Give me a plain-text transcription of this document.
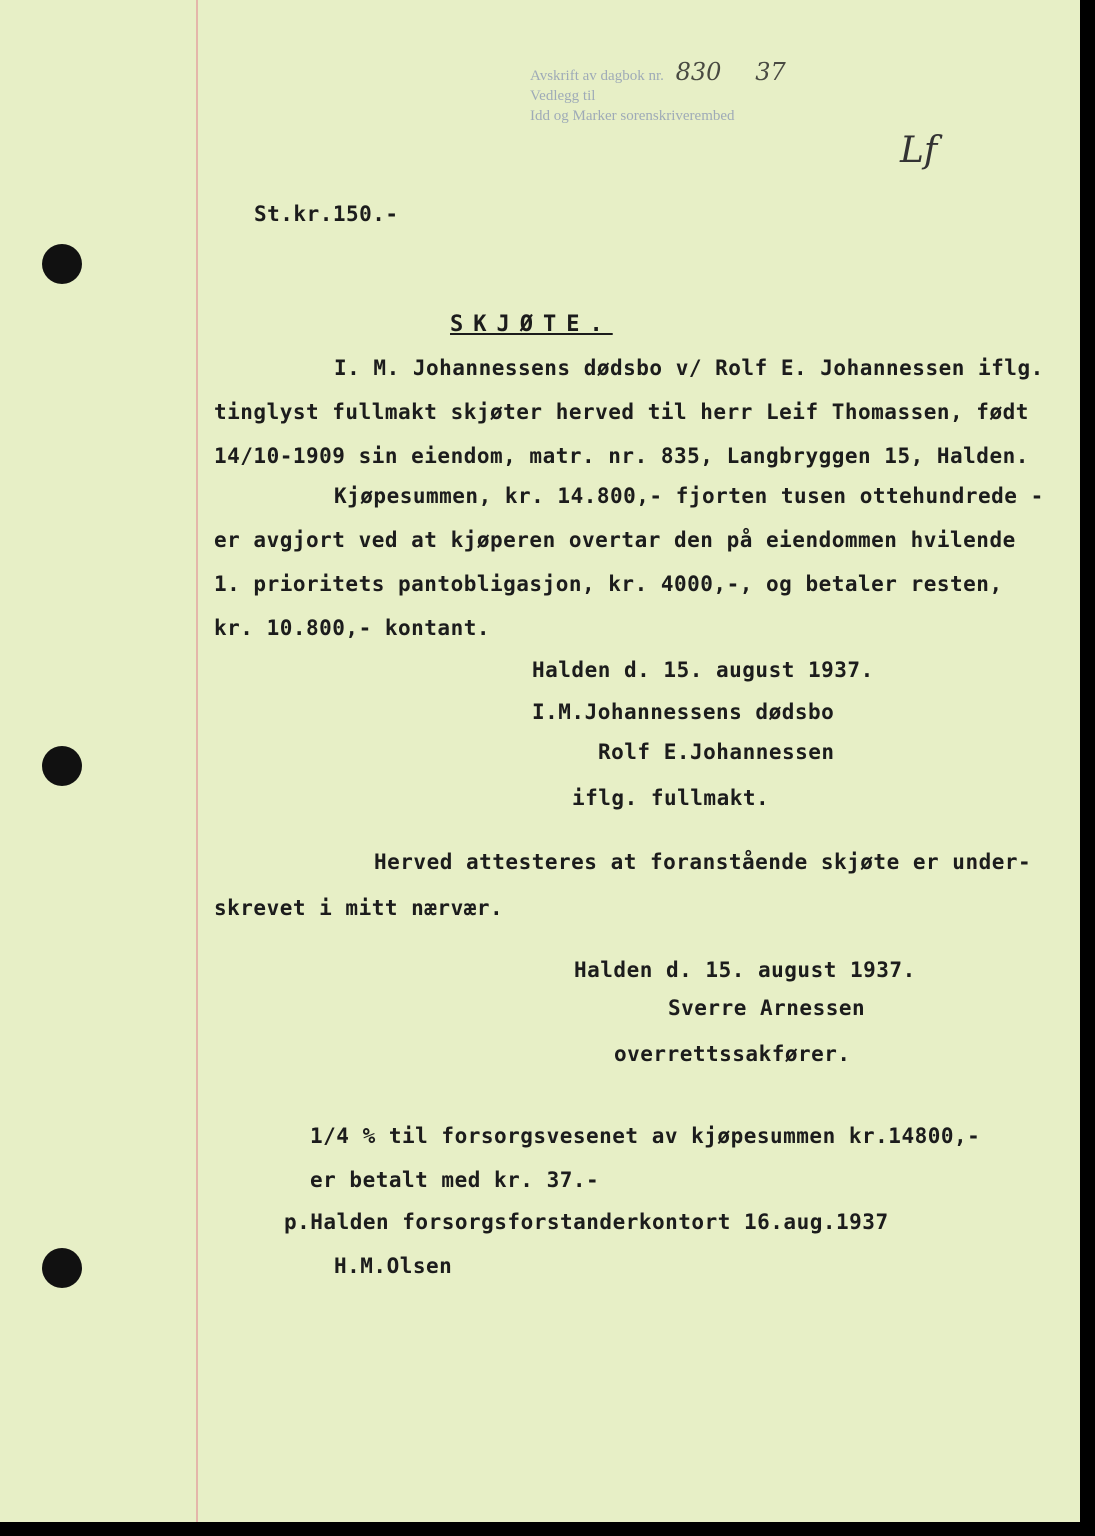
Avskrift av dagbok nr. 830 37
Vedlegg til
Idd og Marker sorenskriverembed
Lf
St.kr.150.-
SKJØTE.
I. M. Johannessens dødsbo v/ Rolf E. Johannessen iflg.
tinglyst fullmakt skjøter herved til herr Leif Thomassen, født
14/10-1909 sin eiendom, matr. nr. 835, Langbryggen 15, Halden.
Kjøpesummen, kr. 14.800,- fjorten tusen ottehundrede -
er avgjort ved at kjøperen overtar den på eiendommen hvilende
1. prioritets pantobligasjon, kr. 4000,-, og betaler resten,
kr. 10.800,- kontant.
Halden d. 15. august 1937.
I.M.Johannessens dødsbo
Rolf E.Johannessen
iflg. fullmakt.
Herved attesteres at foranstående skjøte er under-
skrevet i mitt nærvær.
Halden d. 15. august 1937.
Sverre Arnessen
overrettssakfører.
1/4 % til forsorgsvesenet av kjøpesummen kr.14800,-
er betalt med kr. 37.-
p.Halden forsorgsforstanderkontort 16.aug.1937
H.M.Olsen
